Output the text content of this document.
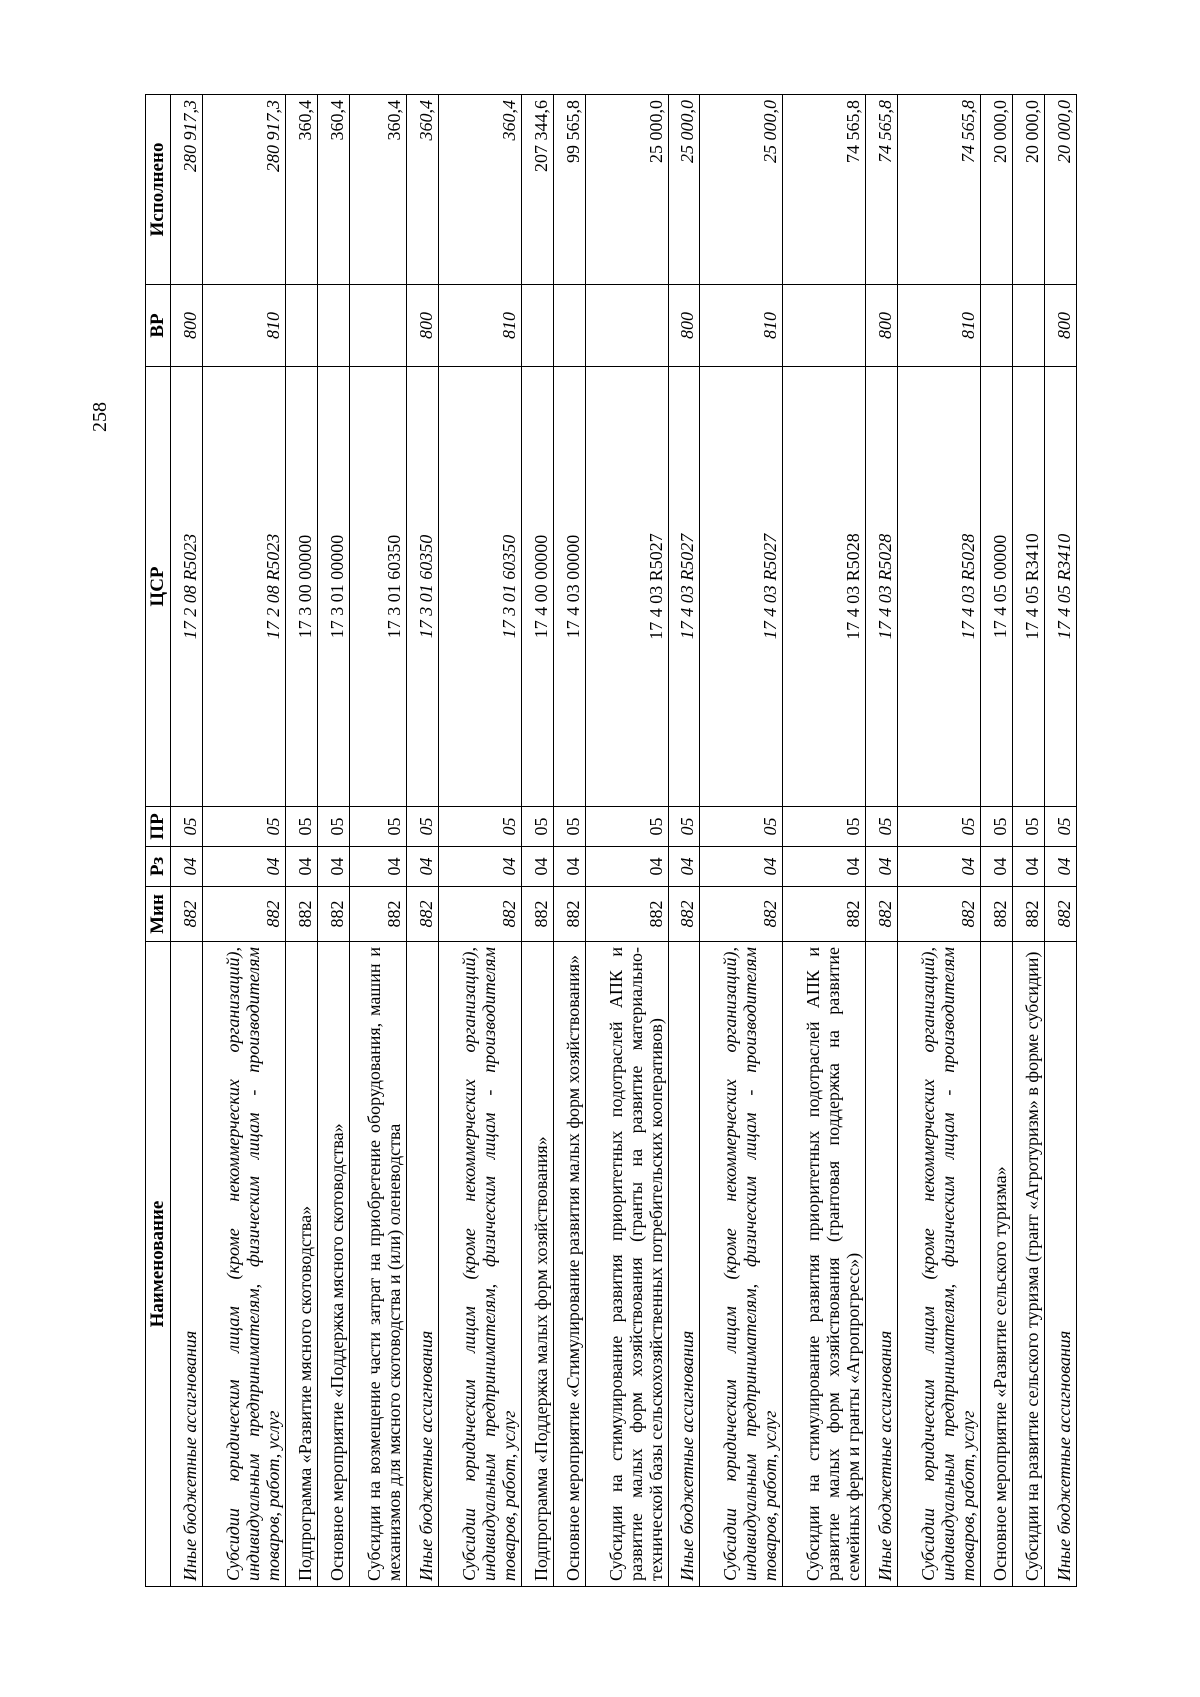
258
Наименование	Мин	Рз	ПР	ЦСР	ВР	Исполнено
Иные бюджетные ассигнования	882	04	05	17 2 08 R5023	800	280 917,3
Субсидии юридическим лицам (кроме некоммерческих организаций), индивидуальным предпринимателям, физическим лицам - производителям товаров, работ, услуг	882	04	05	17 2 08 R5023	810	280 917,3
Подпрограмма «Развитие мясного скотоводства»	882	04	05	17 3 00 00000		360,4
Основное мероприятие «Поддержка мясного скотоводства»	882	04	05	17 3 01 00000		360,4
Субсидии на возмещение части затрат на приобретение оборудования, машин и механизмов для мясного скотоводства и (или) оленеводства	882	04	05	17 3 01 60350		360,4
Иные бюджетные ассигнования	882	04	05	17 3 01 60350	800	360,4
Субсидии юридическим лицам (кроме некоммерческих организаций), индивидуальным предпринимателям, физическим лицам - производителям товаров, работ, услуг	882	04	05	17 3 01 60350	810	360,4
Подпрограмма «Поддержка малых форм хозяйствования»	882	04	05	17 4 00 00000		207 344,6
Основное мероприятие «Стимулирование развития малых форм хозяйствования»	882	04	05	17 4 03 00000		99 565,8
Субсидии на стимулирование развития приоритетных подотраслей АПК и развитие малых форм хозяйствования (гранты на развитие материально-технической базы сельскохозяйственных потребительских кооперативов)	882	04	05	17 4 03 R5027		25 000,0
Иные бюджетные ассигнования	882	04	05	17 4 03 R5027	800	25 000,0
Субсидии юридическим лицам (кроме некоммерческих организаций), индивидуальным предпринимателям, физическим лицам - производителям товаров, работ, услуг	882	04	05	17 4 03 R5027	810	25 000,0
Субсидии на стимулирование развития приоритетных подотраслей АПК и развитие малых форм хозяйствования (грантовая поддержка на развитие семейных ферм и гранты «Агропрогресс»)	882	04	05	17 4 03 R5028		74 565,8
Иные бюджетные ассигнования	882	04	05	17 4 03 R5028	800	74 565,8
Субсидии юридическим лицам (кроме некоммерческих организаций), индивидуальным предпринимателям, физическим лицам - производителям товаров, работ, услуг	882	04	05	17 4 03 R5028	810	74 565,8
Основное мероприятие «Развитие сельского туризма»	882	04	05	17 4 05 00000		20 000,0
Субсидии на развитие сельского туризма (грант «Агротуризм» в форме субсидии)	882	04	05	17 4 05 R3410		20 000,0
Иные бюджетные ассигнования	882	04	05	17 4 05 R3410	800	20 000,0
